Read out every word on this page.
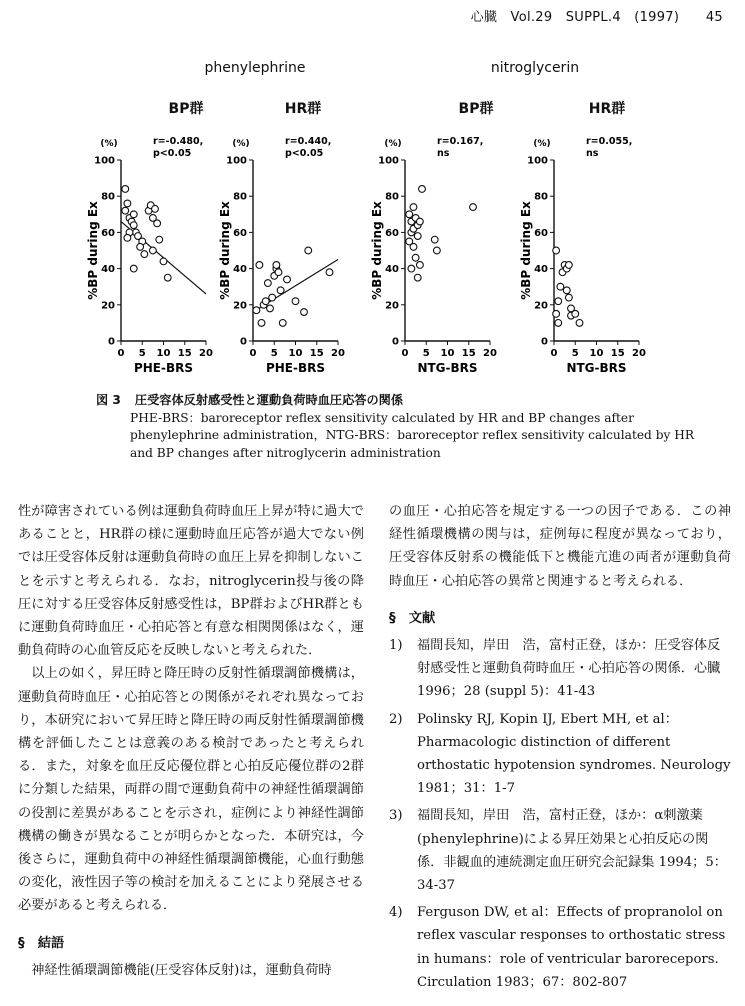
心臓　Vol.29　SUPPL.4　(1997)　　45
phenylephrine	nitroglycerin
BP群	HR群	BP群	HR群
0
20
40
60
80
100
0 5 10 15 20
(%)
%BP during Ex
PHE-BRS
r=-0.480,
p<0.05
0
20
40
60
80
100
0 5 10 15 20
(%)
%BP during Ex
PHE-BRS
r=0.440,
p<0.05
0
20
40
60
80
100
0 5 10 15 20
(%)
%BP during Ex
NTG-BRS
r=0.167,
ns
0
20
40
60
80
100
0 5 10 15 20
(%)
%BP during Ex
NTG-BRS
r=0.055,
ns
図 3 圧受容体反射感受性と運動負荷時血圧応答の関係
PHE-BRS：baroreceptor reflex sensitivity calculated by HR and BP changes after phenylephrine administration，NTG-BRS：baroreceptor reflex sensitivity calculated by HR and BP changes after nitroglycerin administration

性が障害されている例は運動負荷時血圧上昇が特に過大であることと，HR群の様に運動時血圧応答が過大でない例では圧受容体反射は運動負荷時の血圧上昇を抑制しないことを示すと考えられる．なお，nitroglycerin投与後の降圧に対する圧受容体反射感受性は，BP群およびHR群ともに運動負荷時血圧・心拍応答と有意な相関関係はなく，運動負荷時の心血管反応を反映しないと考えられた．

以上の如く，昇圧時と降圧時の反射性循環調節機構は，運動負荷時血圧・心拍応答との関係がそれぞれ異なっており，本研究において昇圧時と降圧時の両反射性循環調節機構を評価したことは意義のある検討であったと考えられる．また，対象を血圧反応優位群と心拍反応優位群の2群に分類した結果，両群の間で運動負荷中の神経性循環調節の役割に差異があることを示され，症例により神経性調節機構の働きが異なることが明らかとなった．本研究は，今後さらに，運動負荷中の神経性循環調節機能，心血行動態の変化，液性因子等の検討を加えることにより発展させる必要があると考えられる．

§　結語

神経性循環調節機能(圧受容体反射)は，運動負荷時

の血圧・心拍応答を規定する一つの因子である．この神経性循環機構の関与は，症例毎に程度が異なっており，圧受容体反射系の機能低下と機能亢進の両者が運動負荷時血圧・心拍応答の異常と関連すると考えられる．

§　文献
1)	福間長知，岸田　浩，富村正登，ほか：圧受容体反射感受性と運動負荷時血圧・心拍応答の関係．心臓 1996；28 (suppl 5)：41-43
2)	Polinsky RJ, Kopin IJ, Ebert MH, et al：Pharmacologic distinction of different orthostatic hypotension syndromes. Neurology 1981；31：1-7
3)	福間長知，岸田　浩，富村正登，ほか：α刺激薬(phenylephrine)による昇圧効果と心拍反応の関係．非観血的連続測定血圧研究会記録集 1994；5：34-37
4)	Ferguson DW, et al：Effects of propranolol on reflex vascular responses to orthostatic stress in humans：role of ventricular barorecepors. Circulation 1983；67：802-807
